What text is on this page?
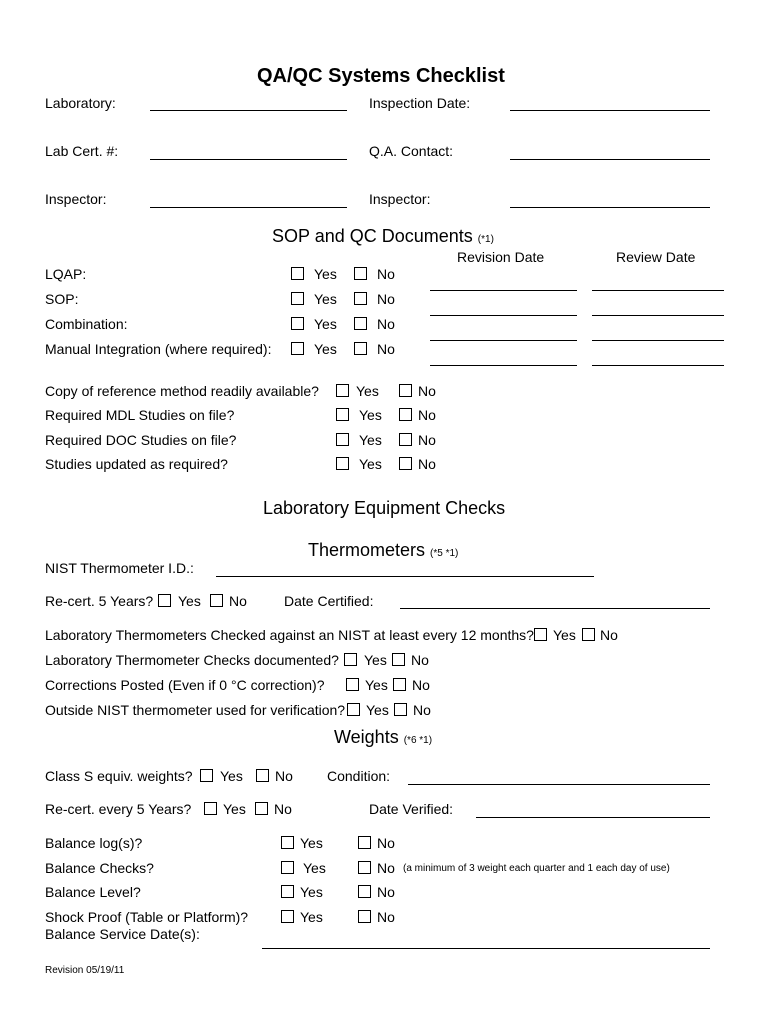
QA/QC Systems Checklist
Laboratory:	Inspection Date:
Lab Cert. #:	Q.A. Contact:
Inspector:	Inspector:
SOP and QC Documents (*1)
Revision Date	Review Date
LQAP:	Yes	No
SOP:	Yes	No
Combination:	Yes	No
Manual Integration (where required):	Yes	No
Copy of reference method readily available?	Yes	No
Required MDL Studies on file?	Yes	No
Required DOC Studies on file?	Yes	No
Studies updated as required?	Yes	No
Laboratory Equipment Checks
Thermometers (*5 *1)
NIST Thermometer I.D.:
Re-cert. 5 Years? Yes No	Date Certified:
Laboratory Thermometers Checked against an NIST at least every 12 months? Yes No
Laboratory Thermometer Checks documented? Yes No
Corrections Posted (Even if 0 °C correction)?	Yes No
Outside NIST thermometer used for verification? Yes No
Weights (*6 *1)
Class S equiv. weights? Yes No Condition:
Re-cert. every 5 Years? Yes No	Date Verified:
Balance log(s)?	Yes	No
Balance Checks?	Yes	No (a minimum of 3 weight each quarter and 1 each day of use)
Balance Level?	Yes	No
Shock Proof (Table or Platform)?	Yes	No
Balance Service Date(s):
Revision 05/19/11
